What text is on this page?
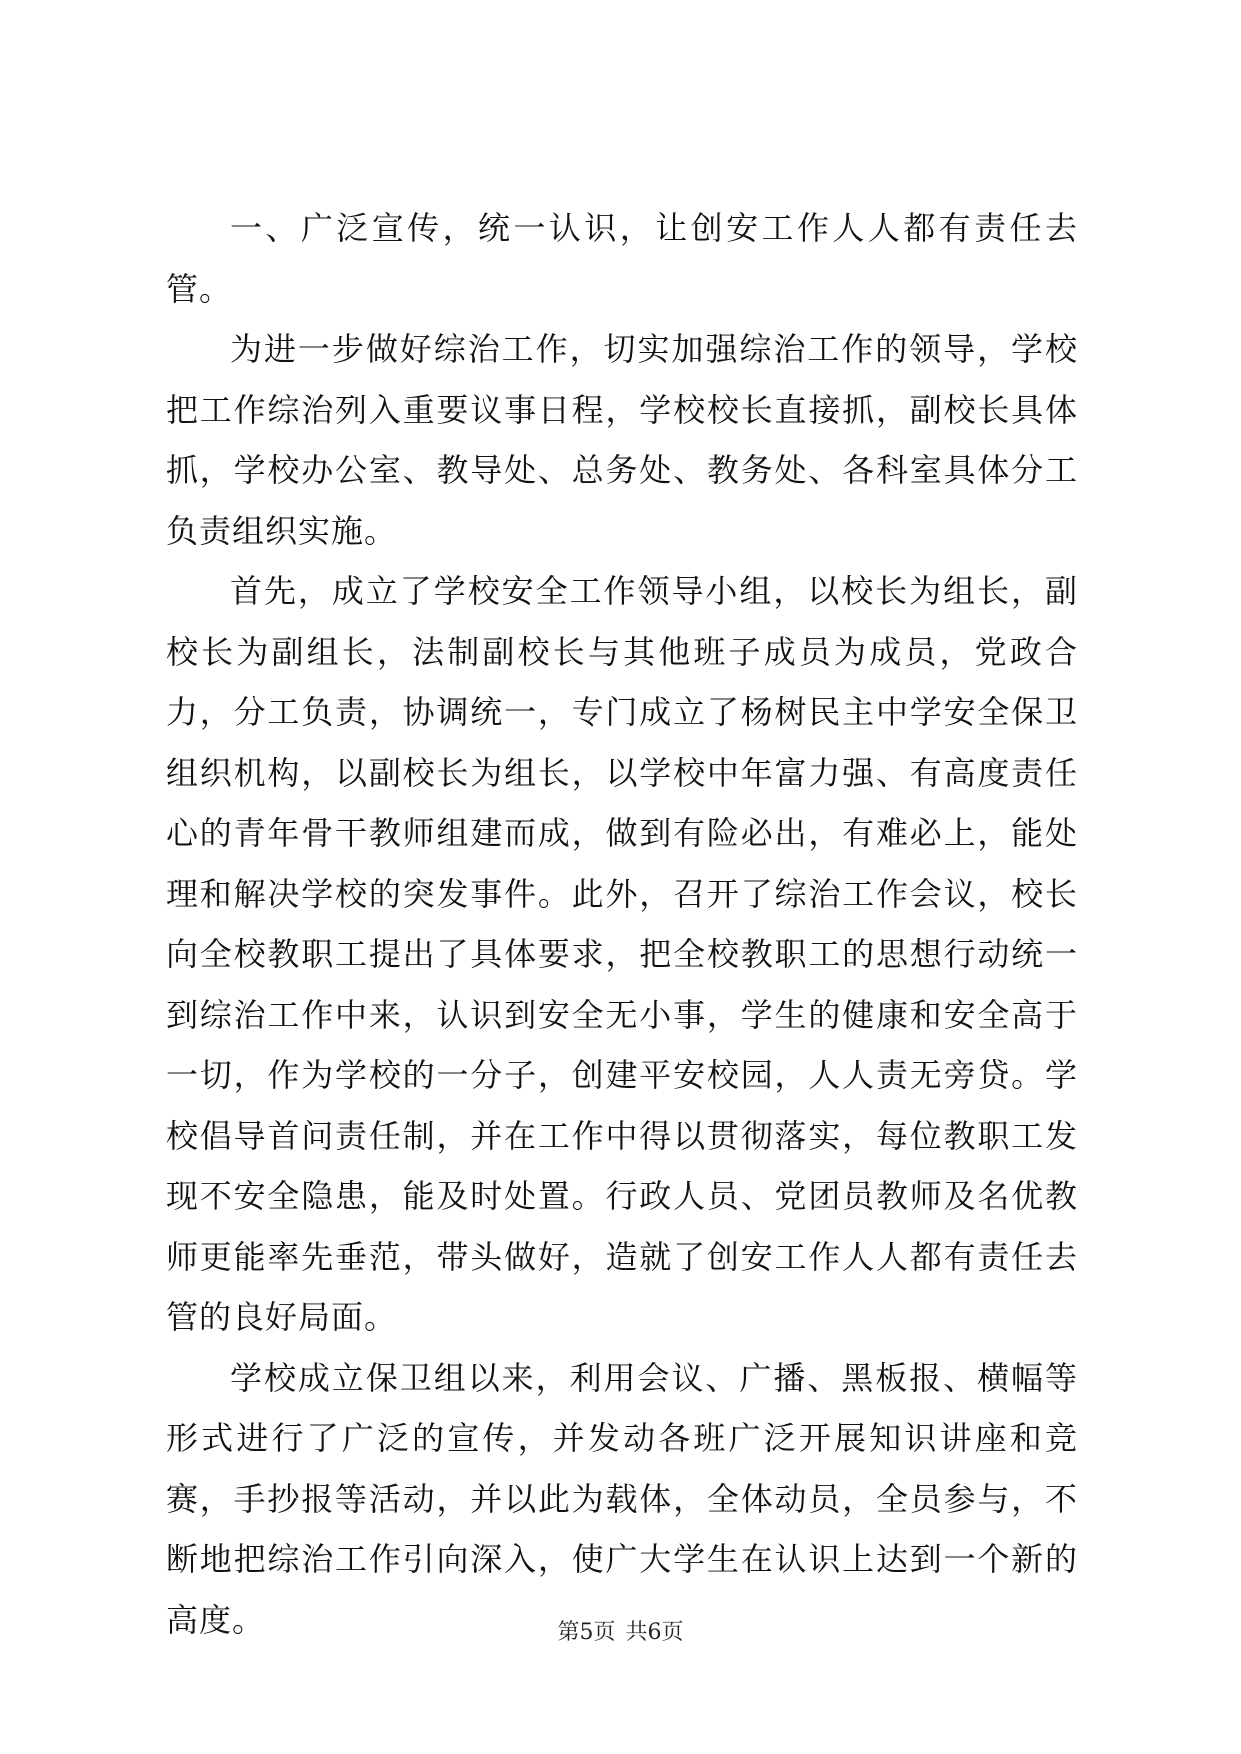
一、广泛宣传，统一认识，让创安工作人人都有责任去管。

为进一步做好综治工作，切实加强综治工作的领导，学校把工作综治列入重要议事日程，学校校长直接抓，副校长具体抓，学校办公室、教导处、总务处、教务处、各科室具体分工负责组织实施。

首先，成立了学校安全工作领导小组，以校长为组长，副校长为副组长，法制副校长与其他班子成员为成员，党政合力，分工负责，协调统一，专门成立了杨树民主中学安全保卫组织机构，以副校长为组长，以学校中年富力强、有高度责任心的青年骨干教师组建而成，做到有险必出，有难必上，能处理和解决学校的突发事件。此外，召开了综治工作会议，校长向全校教职工提出了具体要求，把全校教职工的思想行动统一到综治工作中来，认识到安全无小事，学生的健康和安全高于一切，作为学校的一分子，创建平安校园，人人责无旁贷。学校倡导首问责任制，并在工作中得以贯彻落实，每位教职工发现不安全隐患，能及时处置。行政人员、党团员教师及名优教师更能率先垂范，带头做好，造就了创安工作人人都有责任去管的良好局面。

学校成立保卫组以来，利用会议、广播、黑板报、横幅等形式进行了广泛的宣传，并发动各班广泛开展知识讲座和竞赛，手抄报等活动，并以此为载体，全体动员，全员参与，不断地把综治工作引向深入，使广大学生在认识上达到一个新的高度。	第5页 共6页
